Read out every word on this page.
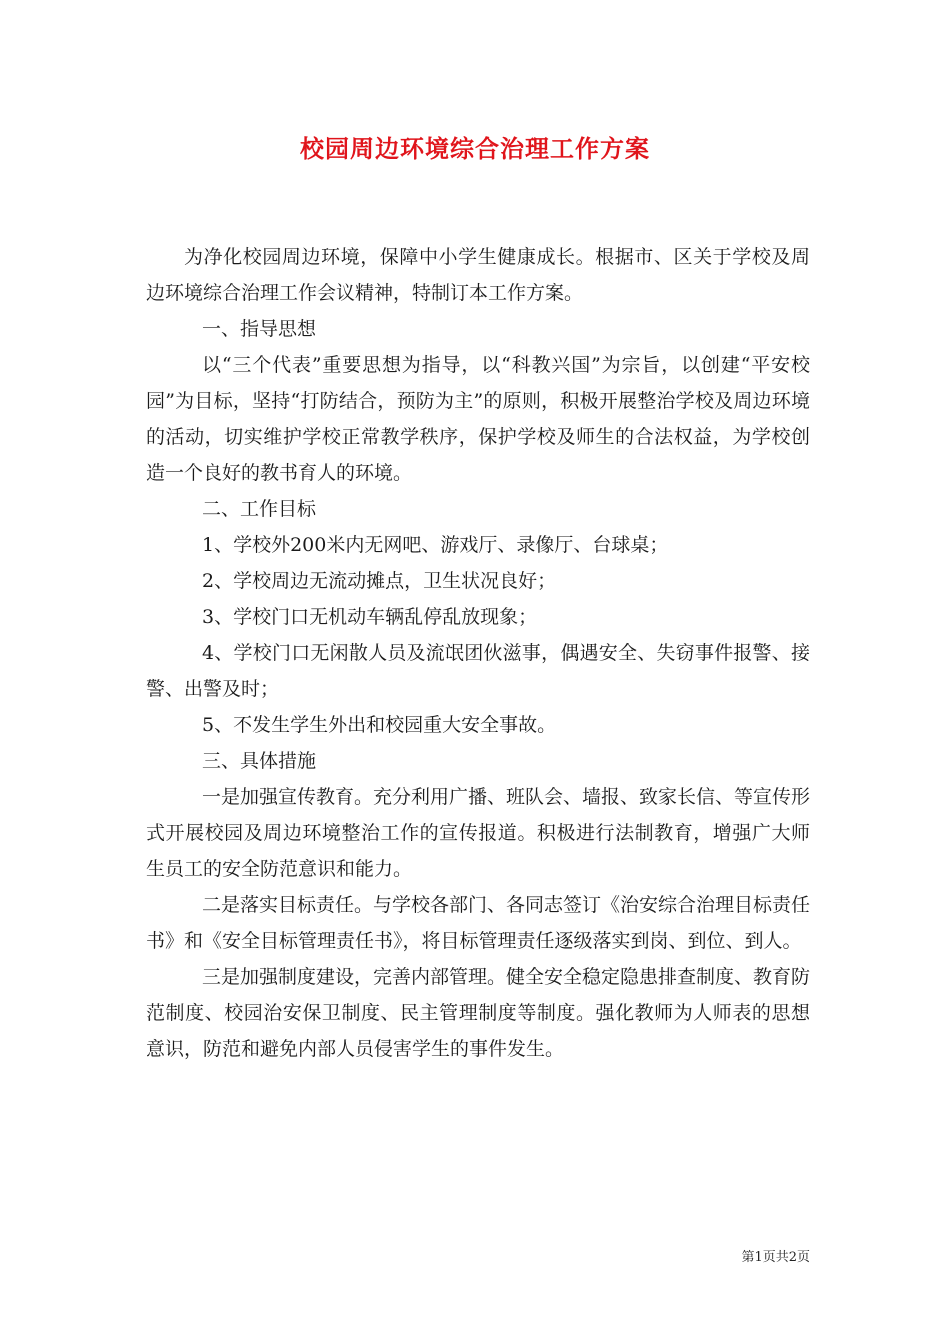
校园周边环境综合治理工作方案

为净化校园周边环境，保障中小学生健康成长。根据市、区关于学校及周边环境综合治理工作会议精神，特制订本工作方案。

一、指导思想

以“三个代表”重要思想为指导，以“科教兴国”为宗旨，以创建“平安校园”为目标，坚持“打防结合，预防为主”的原则，积极开展整治学校及周边环境的活动，切实维护学校正常教学秩序，保护学校及师生的合法权益，为学校创造一个良好的教书育人的环境。

二、工作目标

1、学校外200米内无网吧、游戏厅、录像厅、台球桌；

2、学校周边无流动摊点，卫生状况良好；

3、学校门口无机动车辆乱停乱放现象；

4、学校门口无闲散人员及流氓团伙滋事，偶遇安全、失窃事件报警、接警、出警及时；

5、不发生学生外出和校园重大安全事故。

三、具体措施

一是加强宣传教育。充分利用广播、班队会、墙报、致家长信、等宣传形式开展校园及周边环境整治工作的宣传报道。积极进行法制教育，增强广大师生员工的安全防范意识和能力。

二是落实目标责任。与学校各部门、各同志签订《治安综合治理目标责任书》和《安全目标管理责任书》，将目标管理责任逐级落实到岗、到位、到人。

三是加强制度建设，完善内部管理。健全安全稳定隐患排查制度、教育防范制度、校园治安保卫制度、民主管理制度等制度。强化教师为人师表的思想意识，防范和避免内部人员侵害学生的事件发生。

第1页共2页
